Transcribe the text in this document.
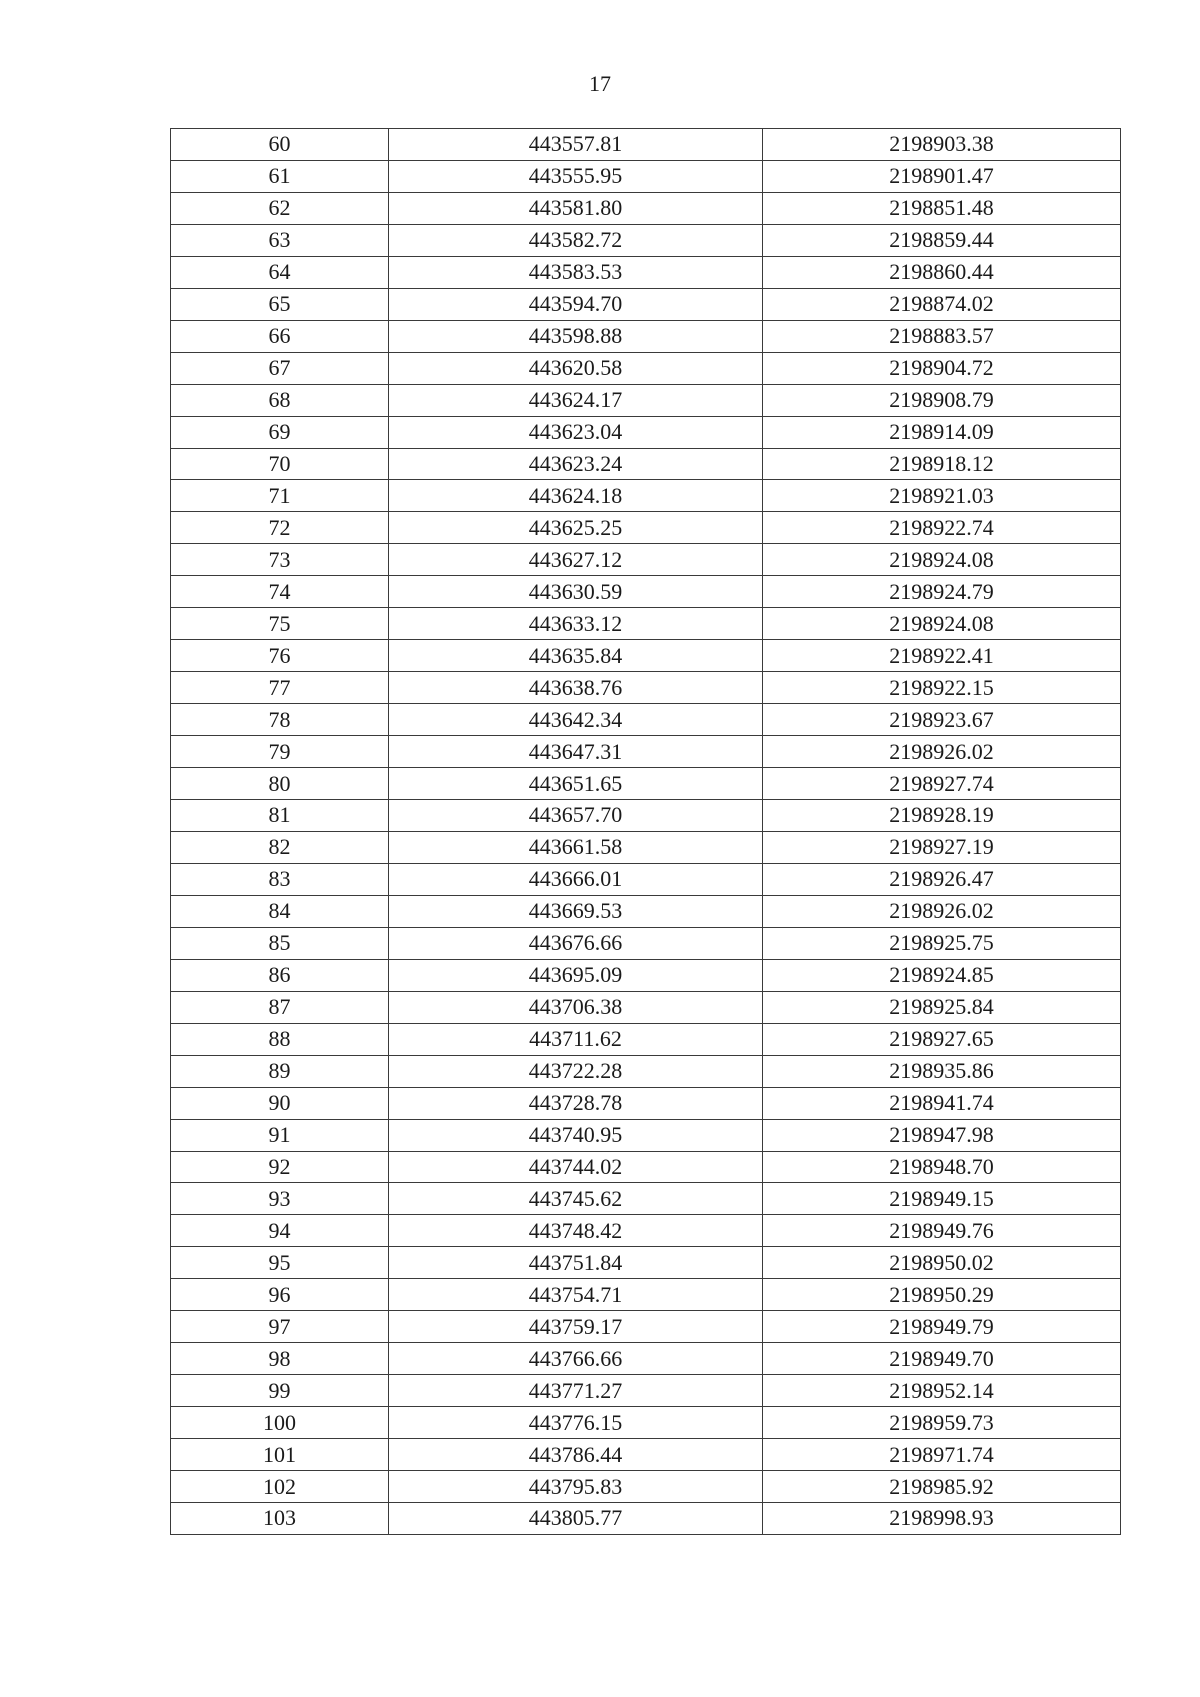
17
60	443557.81	2198903.38
61	443555.95	2198901.47
62	443581.80	2198851.48
63	443582.72	2198859.44
64	443583.53	2198860.44
65	443594.70	2198874.02
66	443598.88	2198883.57
67	443620.58	2198904.72
68	443624.17	2198908.79
69	443623.04	2198914.09
70	443623.24	2198918.12
71	443624.18	2198921.03
72	443625.25	2198922.74
73	443627.12	2198924.08
74	443630.59	2198924.79
75	443633.12	2198924.08
76	443635.84	2198922.41
77	443638.76	2198922.15
78	443642.34	2198923.67
79	443647.31	2198926.02
80	443651.65	2198927.74
81	443657.70	2198928.19
82	443661.58	2198927.19
83	443666.01	2198926.47
84	443669.53	2198926.02
85	443676.66	2198925.75
86	443695.09	2198924.85
87	443706.38	2198925.84
88	443711.62	2198927.65
89	443722.28	2198935.86
90	443728.78	2198941.74
91	443740.95	2198947.98
92	443744.02	2198948.70
93	443745.62	2198949.15
94	443748.42	2198949.76
95	443751.84	2198950.02
96	443754.71	2198950.29
97	443759.17	2198949.79
98	443766.66	2198949.70
99	443771.27	2198952.14
100	443776.15	2198959.73
101	443786.44	2198971.74
102	443795.83	2198985.92
103	443805.77	2198998.93
